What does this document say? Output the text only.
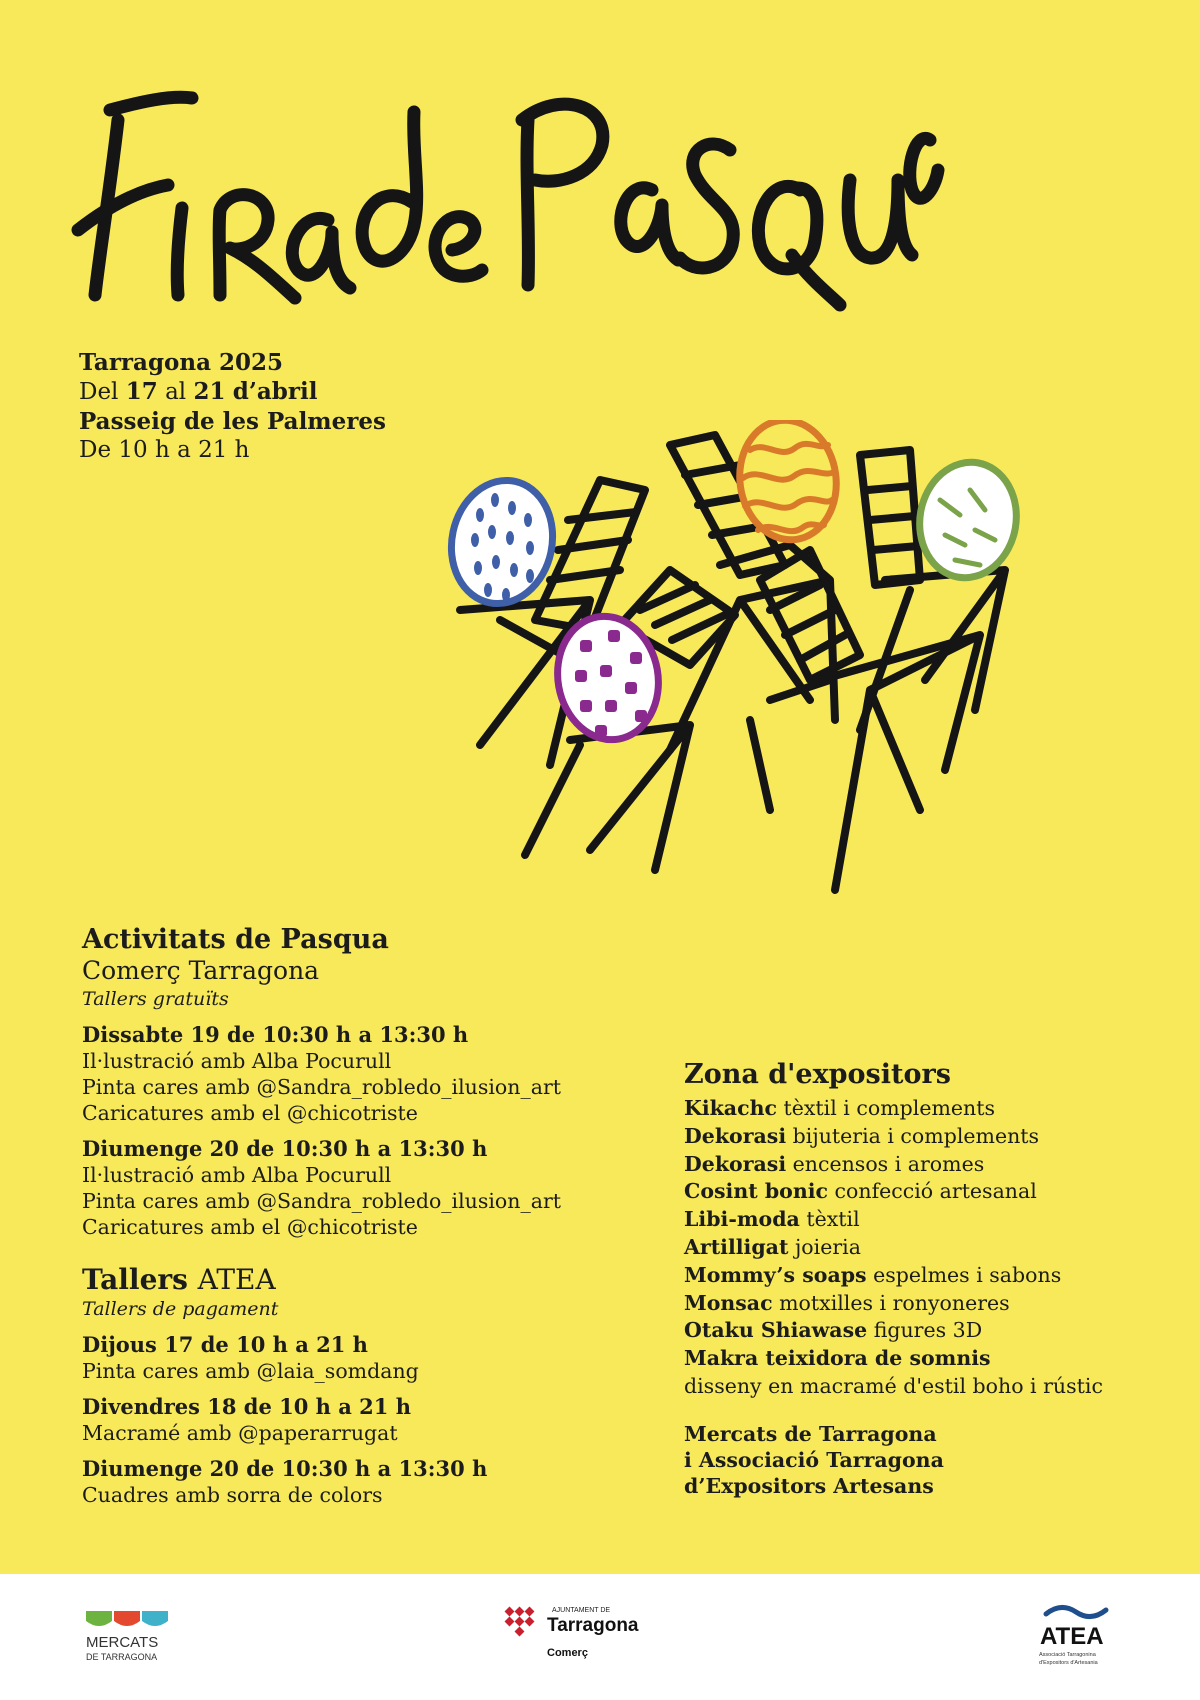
Tarragona 2025
Del 17 al 21 d’abril
Passeig de les Palmeres
De 10 h a 21 h
Activitats de Pasqua
Comerç Tarragona
Tallers gratuïts
Dissabte 19 de 10:30 h a 13:30 h
Il·lustració amb Alba Pocurull
Pinta cares amb @Sandra_robledo_ilusion_art
Caricatures amb el @chicotriste
Diumenge 20 de 10:30 h a 13:30 h
Il·lustració amb Alba Pocurull
Pinta cares amb @Sandra_robledo_ilusion_art
Caricatures amb el @chicotriste
Tallers ATEA
Tallers de pagament
Dijous 17 de 10 h a 21 h
Pinta cares amb @laia_somdang
Divendres 18 de 10 h a 21 h
Macramé amb @paperarrugat
Diumenge 20 de 10:30 h a 13:30 h
Cuadres amb sorra de colors
Zona d'expositors
Kikachc tèxtil i complements
Dekorasi bijuteria i complements
Dekorasi encensos i aromes
Cosint bonic confecció artesanal
Libi-moda tèxtil
Artilligat joieria
Mommy’s soaps espelmes i sabons
Monsac motxilles i ronyoneres
Otaku Shiawase figures 3D
Makra teixidora de somnis
disseny en macramé d'estil boho i rústic
Mercats de Tarragona
i Associació Tarragona
d’Expositors Artesans
MERCATS
DE TARRAGONA
AJUNTAMENT DE
Tarragona
Comerç
ATEA
Associació Tarragonina
d'Expositors d'Artesania
